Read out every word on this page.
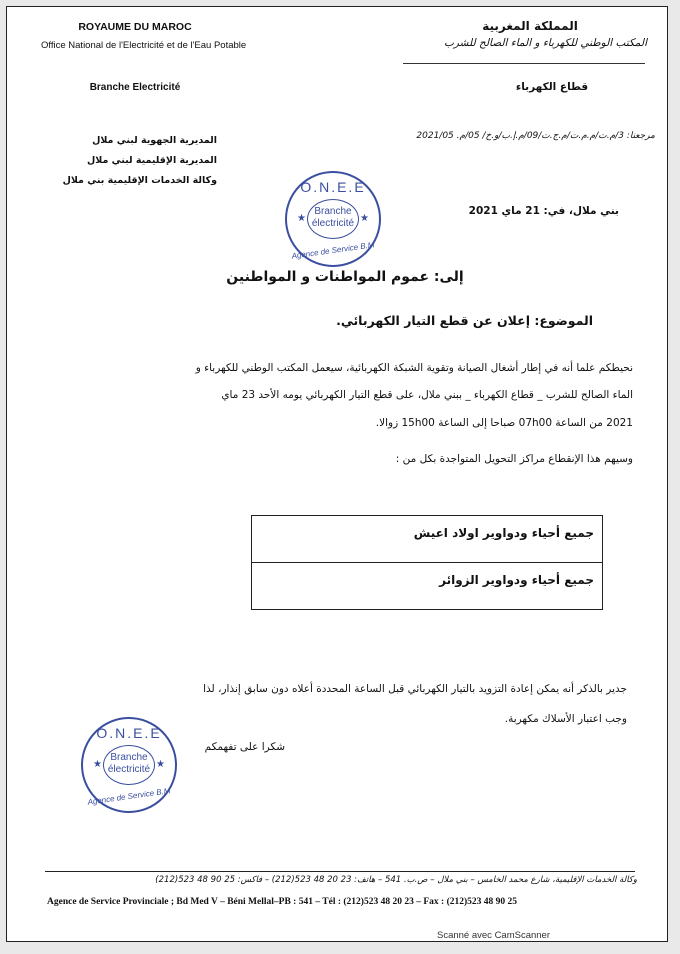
ROYAUME DU MAROC
Office National de l'Electricité et de l'Eau Potable
Branche Electricité
المملكة المغربية
المكتب الوطني للكهرباء و الماء الصالح للشرب
قطاع الكهرباء
مرجعنا: 3/م.ت/م.م.ت/م.ج.ت/09/م.إ.ب/و.خ/ 05/م. 2021/05
المديرية الجهوية لبني ملال
المديرية الإقليمية لبني ملال
وكالة الخدمات الإقليمية بني ملال	O.N.E.E
★	★
Branche
électricité
Agence de Service B.M
بني ملال، في: 21 ماي 2021
إلى: عموم المواطنات و المواطنين
الموضوع: إعلان عن قطع التيار الكهربائي.
نحيطكم علما أنه في إطار أشغال الصيانة وتقوية الشبكة الكهربائية، سيعمل المكتب الوطني للكهرباء و
الماء الصالح للشرب _ قطاع الكهرباء _ ببني ملال، على قطع التيار الكهربائي يومه الأحد 23 ماي
2021 من الساعة 07h00 صباحا إلى الساعة 15h00 زوالا.
وسيهم هذا الإنقطاع مراكز التحويل المتواجدة بكل من :
جميع أحياء ودواوير اولاد اعيش
جميع أحياء ودواوير الزوائر
جدير بالذكر أنه يمكن إعادة التزويد بالتيار الكهربائي قبل الساعة المحددة أعلاه دون سابق إنذار، لذا
وجب اعتبار الأسلاك مكهربة.
شكرا على تفهمكم
O.N.E.E
★	★
Branche
électricité
Agence de Service B.M
وكالة الخدمات الإقليمية، شارع محمد الخامس – بني ملال – ص.ب. 541 – هاتف: 23 20 48 523(212) – فاكس: 25 90 48 523(212)
Agence de Service Provinciale ; Bd Med V – Béni Mellal–PB : 541 – Tél : (212)523 48 20 23 – Fax : (212)523 48 90 25
Scanné avec CamScanner
